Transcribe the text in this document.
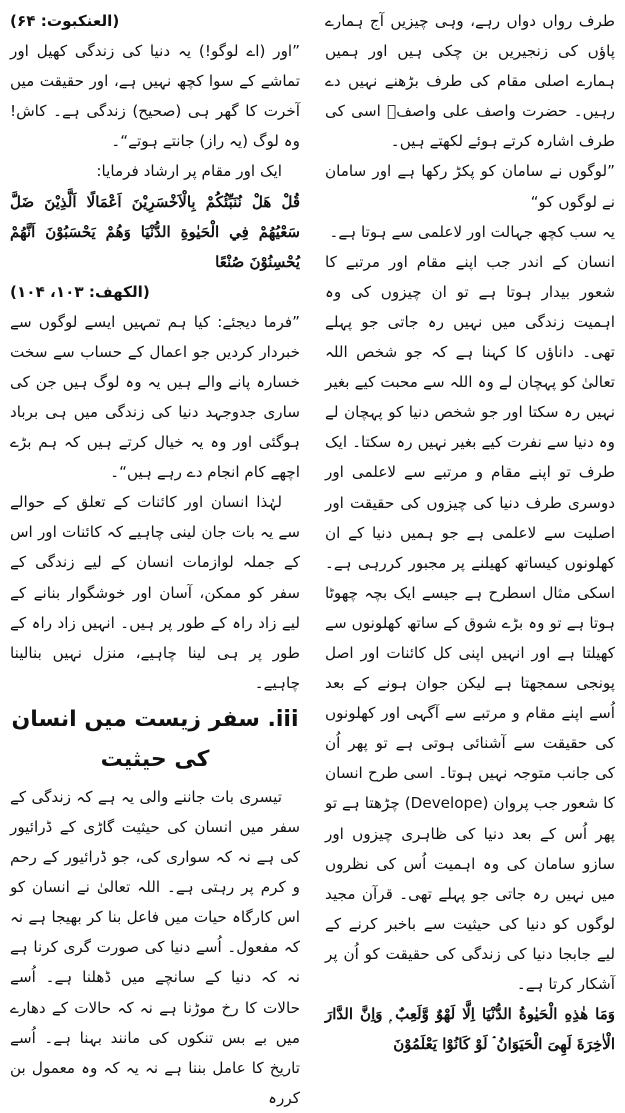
(العنکبوت: ۶۴)

”اور (اے لوگو!) یہ دنیا کی زندگی کھیل اور تماشے کے سوا کچھ نہیں ہے، اور حقیقت میں آخرت کا گھر ہی (صحیح) زندگی ہے۔ کاش! وہ لوگ (یہ راز) جانتے ہوتے“۔

ایک اور مقام پر ارشاد فرمایا:

قُلْ هَلْ نُنَبِّئُكُمْ بِالْاَخْسَرِيْنَ اَعْمَالًا اَلَّذِيْنَ ضَلَّ سَعْيُهُمْ فِي الْحَيٰوةِ الدُّنْيَا وَهُمْ يَحْسَبُوْنَ اَنَّهُمْ يُحْسِنُوْنَ صُنْعًا

(الکھف: ۱۰۳، ۱۰۴)

”فرما دیجئے: کیا ہم تمہیں ایسے لوگوں سے خبردار کردیں جو اعمال کے حساب سے سخت خسارہ پانے والے ہیں یہ وہ لوگ ہیں جن کی ساری جدوجہد دنیا کی زندگی میں ہی برباد ہوگئی اور وہ یہ خیال کرتے ہیں کہ ہم بڑے اچھے کام انجام دے رہے ہیں“۔

لہٰذا انسان اور کائنات کے تعلق کے حوالے سے یہ بات جان لینی چاہیے کہ کائنات اور اس کے جملہ لوازمات انسان کے لیے زندگی کے سفر کو ممکن، آسان اور خوشگوار بنانے کے لیے زاد راہ کے طور پر ہیں۔ انہیں زاد راہ کے طور پر ہی لینا چاہیے، منزل نہیں بنالینا چاہیے۔

iii. سفر زیست میں انسان کی حیثیت

تیسری بات جاننے والی یہ ہے کہ زندگی کے سفر میں انسان کی حیثیت گاڑی کے ڈرائیور کی ہے نہ کہ سواری کی، جو ڈرائیور کے رحم و کرم پر رہتی ہے۔ اللہ تعالیٰ نے انسان کو اس کارگاہ حیات میں فاعل بنا کر بھیجا ہے نہ کہ مفعول۔ اُسے دنیا کی صورت گری کرنا ہے نہ کہ دنیا کے سانچے میں ڈھلنا ہے۔ اُسے حالات کا رخ موڑنا ہے نہ کہ حالات کے دھارے میں بے بس تنکوں کی مانند بہنا ہے۔ اُسے تاریخ کا عامل بننا ہے نہ یہ کہ وہ معمول بن کررہ

طرف رواں دواں رہے، وہی چیزیں آج ہمارے پاؤں کی زنجیریں بن چکی ہیں اور ہمیں ہمارے اصلی مقام کی طرف بڑھنے نہیں دے رہیں۔ حضرت واصف علی واصفؒ اسی کی طرف اشارہ کرتے ہوئے لکھتے ہیں۔

”لوگوں نے سامان کو پکڑ رکھا ہے اور سامان نے لوگوں کو“

یہ سب کچھ جہالت اور لاعلمی سے ہوتا ہے۔

انسان کے اندر جب اپنے مقام اور مرتبے کا شعور بیدار ہوتا ہے تو ان چیزوں کی وہ اہمیت زندگی میں نہیں رہ جاتی جو پہلے تھی۔ داناؤں کا کہنا ہے کہ جو شخص اللہ تعالیٰ کو پہچان لے وہ اللہ سے محبت کیے بغیر نہیں رہ سکتا اور جو شخص دنیا کو پہچان لے وہ دنیا سے نفرت کیے بغیر نہیں رہ سکتا۔ ایک طرف تو اپنے مقام و مرتبے سے لاعلمی اور دوسری طرف دنیا کی چیزوں کی حقیقت اور اصلیت سے لاعلمی ہے جو ہمیں دنیا کے ان کھلونوں کیساتھ کھیلنے پر مجبور کررہی ہے۔ اسکی مثال اسطرح ہے جیسے ایک بچہ چھوٹا ہوتا ہے تو وہ بڑے شوق کے ساتھ کھلونوں سے کھیلتا ہے اور انہیں اپنی کل کائنات اور اصل پونجی سمجھتا ہے لیکن جوان ہونے کے بعد اُسے اپنے مقام و مرتبے سے آگہی اور کھلونوں کی حقیقت سے آشنائی ہوتی ہے تو پھر اُن کی جانب متوجہ نہیں ہوتا۔ اسی طرح انسان کا شعور جب پروان (Develope) چڑھتا ہے تو پھر اُس کے بعد دنیا کی ظاہری چیزوں اور سازو سامان کی وہ اہمیت اُس کی نظروں میں نہیں رہ جاتی جو پہلے تھی۔ قرآن مجید لوگوں کو دنیا کی حیثیت سے باخبر کرنے کے لیے جابجا دنیا کی زندگی کی حقیقت کو اُن پر آشکار کرتا ہے۔

وَمَا هٰذِهِ الْحَيٰوةُ الدُّنْيَا اِلَّا لَهْوٌ وَّلَعِبٌ ۭ وَاِنَّ الدَّارَ الْاٰخِرَةَ لَهِىَ الْحَيَوَانُ ۘ لَوْ كَانُوْا يَعْلَمُوْنَ
